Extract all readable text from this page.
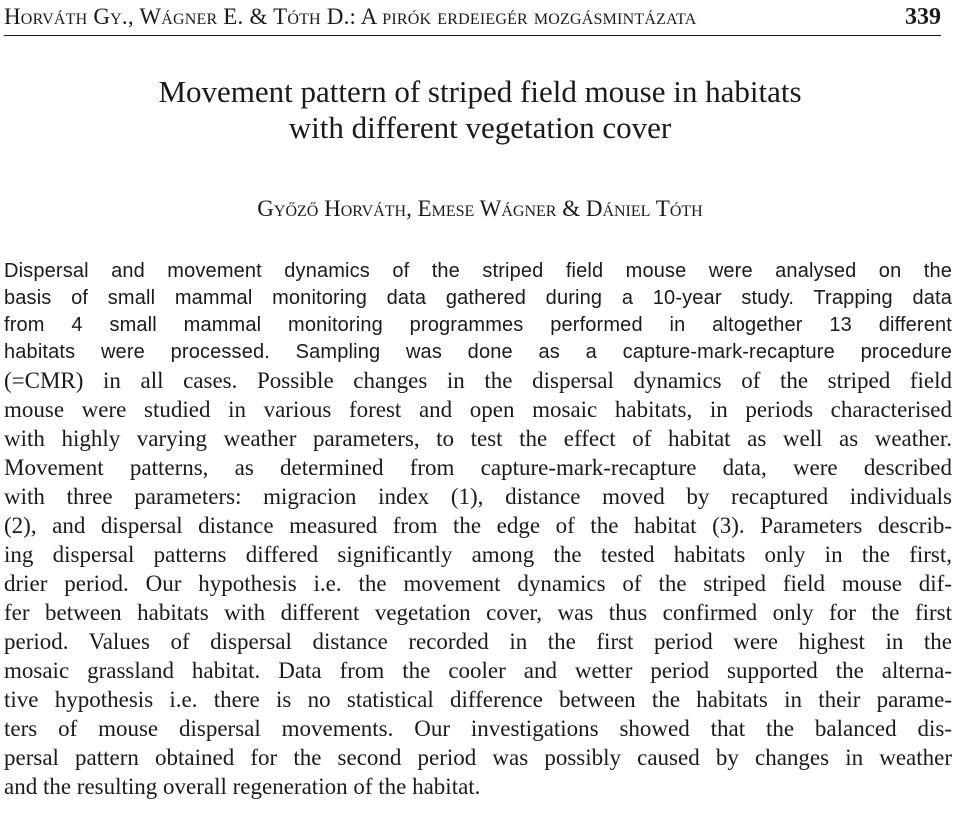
Horváth Gy., Wágner E. & Tóth D.: A pirók erdeiegér mozgásmintázata	339
Movement pattern of striped field mouse in habitats
with different vegetation cover
Győző Horváth, Emese Wágner & Dániel Tóth
Dispersal and movement dynamics of the striped field mouse were analysed on the
basis of small mammal monitoring data gathered during a 10-year study. Trapping data
from 4 small mammal monitoring programmes performed in altogether 13 different
habitats were processed. Sampling was done as a capture-mark-recapture procedure
(=CMR) in all cases. Possible changes in the dispersal dynamics of the striped field
mouse were studied in various forest and open mosaic habitats, in periods characterised
with highly varying weather parameters, to test the effect of habitat as well as weather.
Movement patterns, as determined from capture-mark-recapture data, were described
with three parameters: migracion index (1), distance moved by recaptured individuals
(2), and dispersal distance measured from the edge of the habitat (3). Parameters describ-
ing dispersal patterns differed significantly among the tested habitats only in the first,
drier period. Our hypothesis i.e. the movement dynamics of the striped field mouse dif-
fer between habitats with different vegetation cover, was thus confirmed only for the first
period. Values of dispersal distance recorded in the first period were highest in the
mosaic grassland habitat. Data from the cooler and wetter period supported the alterna-
tive hypothesis i.e. there is no statistical difference between the habitats in their parame-
ters of mouse dispersal movements. Our investigations showed that the balanced dis-
persal pattern obtained for the second period was possibly caused by changes in weather
and the resulting overall regeneration of the habitat.
